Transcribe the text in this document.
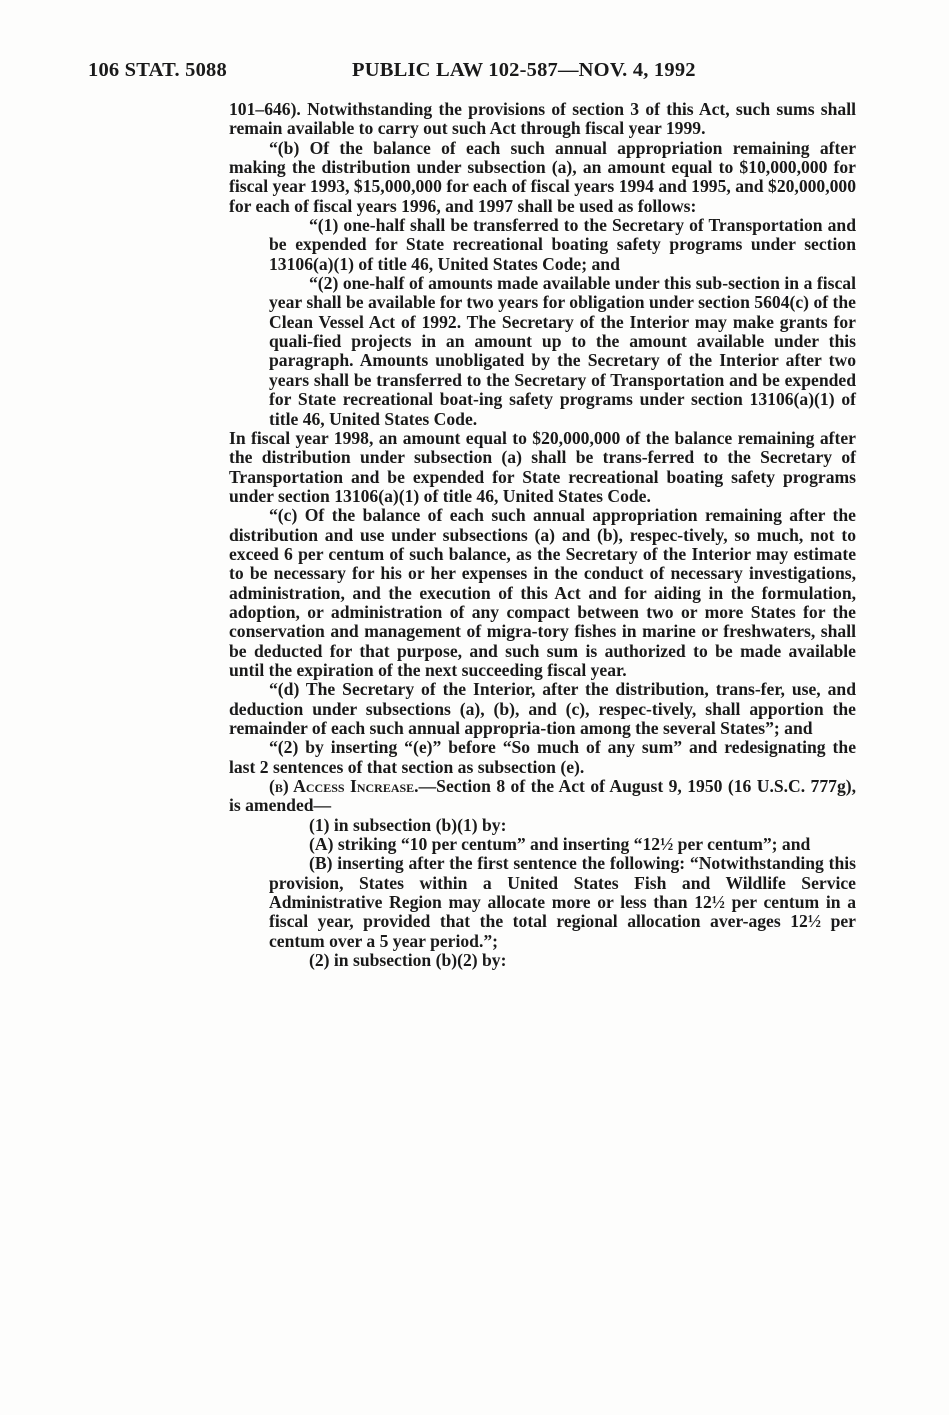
106 STAT. 5088	PUBLIC LAW 102-587—NOV. 4, 1992

101–646). Notwithstanding the provisions of section 3 of this Act, such sums shall remain available to carry out such Act through fiscal year 1999.

“(b) Of the balance of each such annual appropriation remaining after making the distribution under subsection (a), an amount equal to $10,000,000 for fiscal year 1993, $15,000,000 for each of fiscal years 1994 and 1995, and $20,000,000 for each of fiscal years 1996, and 1997 shall be used as follows:

“(1) one-half shall be transferred to the Secretary of Transportation and be expended for State recreational boating safety programs under section 13106(a)(1) of title 46, United States Code; and

“(2) one-half of amounts made available under this sub-section in a fiscal year shall be available for two years for obligation under section 5604(c) of the Clean Vessel Act of 1992. The Secretary of the Interior may make grants for quali-fied projects in an amount up to the amount available under this paragraph. Amounts unobligated by the Secretary of the Interior after two years shall be transferred to the Secretary of Transportation and be expended for State recreational boat-ing safety programs under section 13106(a)(1) of title 46, United States Code.

In fiscal year 1998, an amount equal to $20,000,000 of the balance remaining after the distribution under subsection (a) shall be trans-ferred to the Secretary of Transportation and be expended for State recreational boating safety programs under section 13106(a)(1) of title 46, United States Code.

“(c) Of the balance of each such annual appropriation remaining after the distribution and use under subsections (a) and (b), respec-tively, so much, not to exceed 6 per centum of such balance, as the Secretary of the Interior may estimate to be necessary for his or her expenses in the conduct of necessary investigations, administration, and the execution of this Act and for aiding in the formulation, adoption, or administration of any compact between two or more States for the conservation and management of migra-tory fishes in marine or freshwaters, shall be deducted for that purpose, and such sum is authorized to be made available until the expiration of the next succeeding fiscal year.

“(d) The Secretary of the Interior, after the distribution, trans-fer, use, and deduction under subsections (a), (b), and (c), respec-tively, shall apportion the remainder of each such annual appropria-tion among the several States”; and

“(2) by inserting “(e)” before “So much of any sum” and redesignating the last 2 sentences of that section as subsection (e).

(b) Access Increase.—Section 8 of the Act of August 9, 1950 (16 U.S.C. 777g), is amended—

(1) in subsection (b)(1) by:

(A) striking “10 per centum” and inserting “12½ per centum”; and

(B) inserting after the first sentence the following: “Notwithstanding this provision, States within a United States Fish and Wildlife Service Administrative Region may allocate more or less than 12½ per centum in a fiscal year, provided that the total regional allocation aver-ages 12½ per centum over a 5 year period.”;

(2) in subsection (b)(2) by:
